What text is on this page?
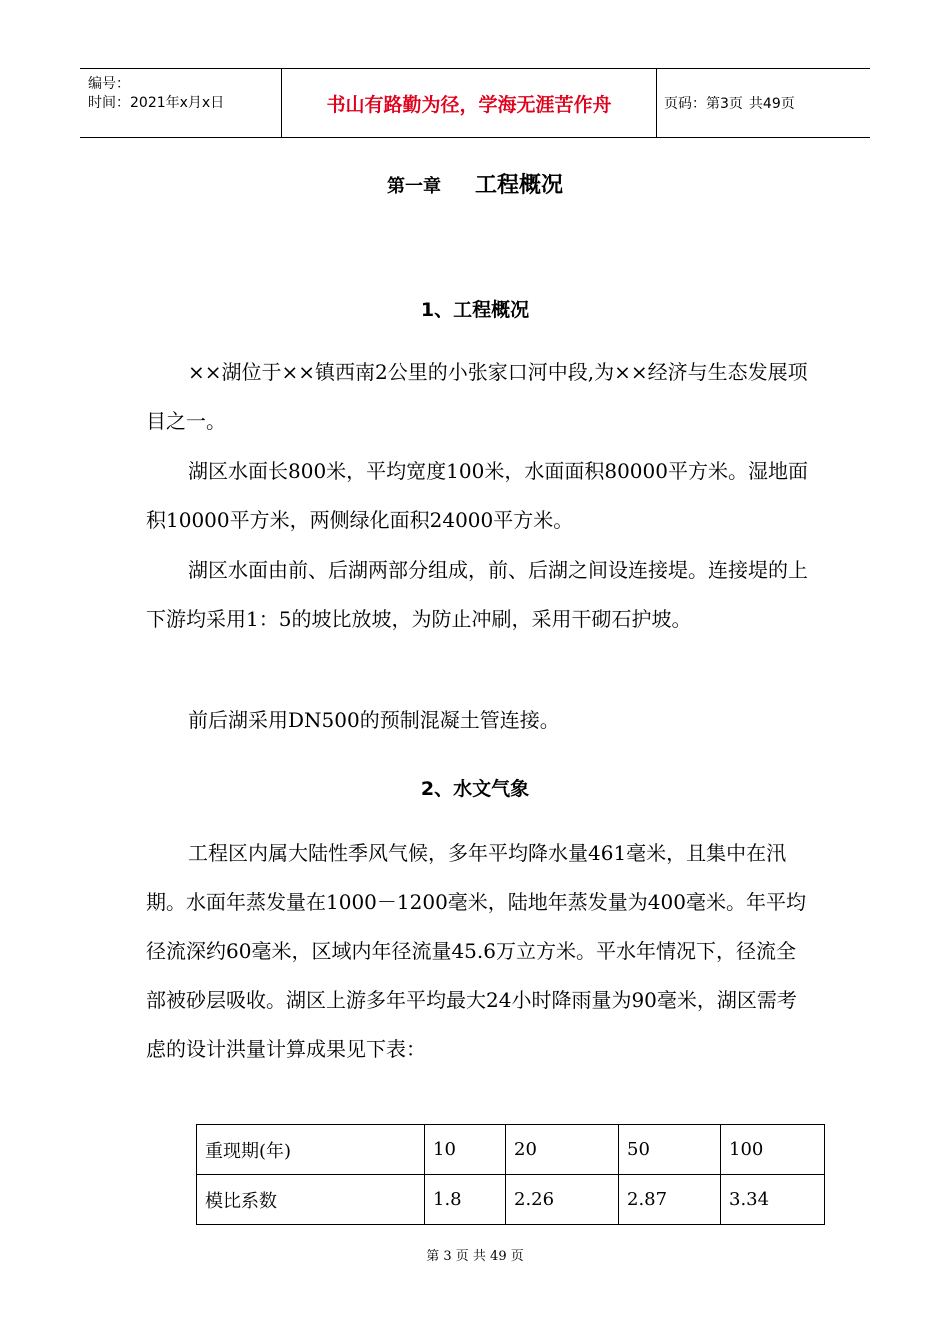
编号：
时间：2021年x月x日	书山有路勤为径，学海无涯苦作舟	页码：第3页 共49页
第一章 工程概况
1、工程概况

××湖位于××镇西南2公里的小张家口河中段,为××经济与生态发展项目之一。

湖区水面长800米，平均宽度100米，水面面积80000平方米。湿地面积10000平方米，两侧绿化面积24000平方米。

湖区水面由前、后湖两部分组成，前、后湖之间设连接堤。连接堤的上下游均采用1：5的坡比放坡，为防止冲刷，采用干砌石护坡。

前后湖采用DN500的预制混凝土管连接。

2、水文气象

工程区内属大陆性季风气候，多年平均降水量461毫米，且集中在汛期。水面年蒸发量在1000－1200毫米，陆地年蒸发量为400毫米。年平均径流深约60毫米，区域内年径流量45.6万立方米。平水年情况下，径流全部被砂层吸收。湖区上游多年平均最大24小时降雨量为90毫米，湖区需考虑的设计洪量计算成果见下表：

重现期(年)	10	20	50	100
模比系数	1.8	2.26	2.87	3.34
第 3 页 共 49 页
